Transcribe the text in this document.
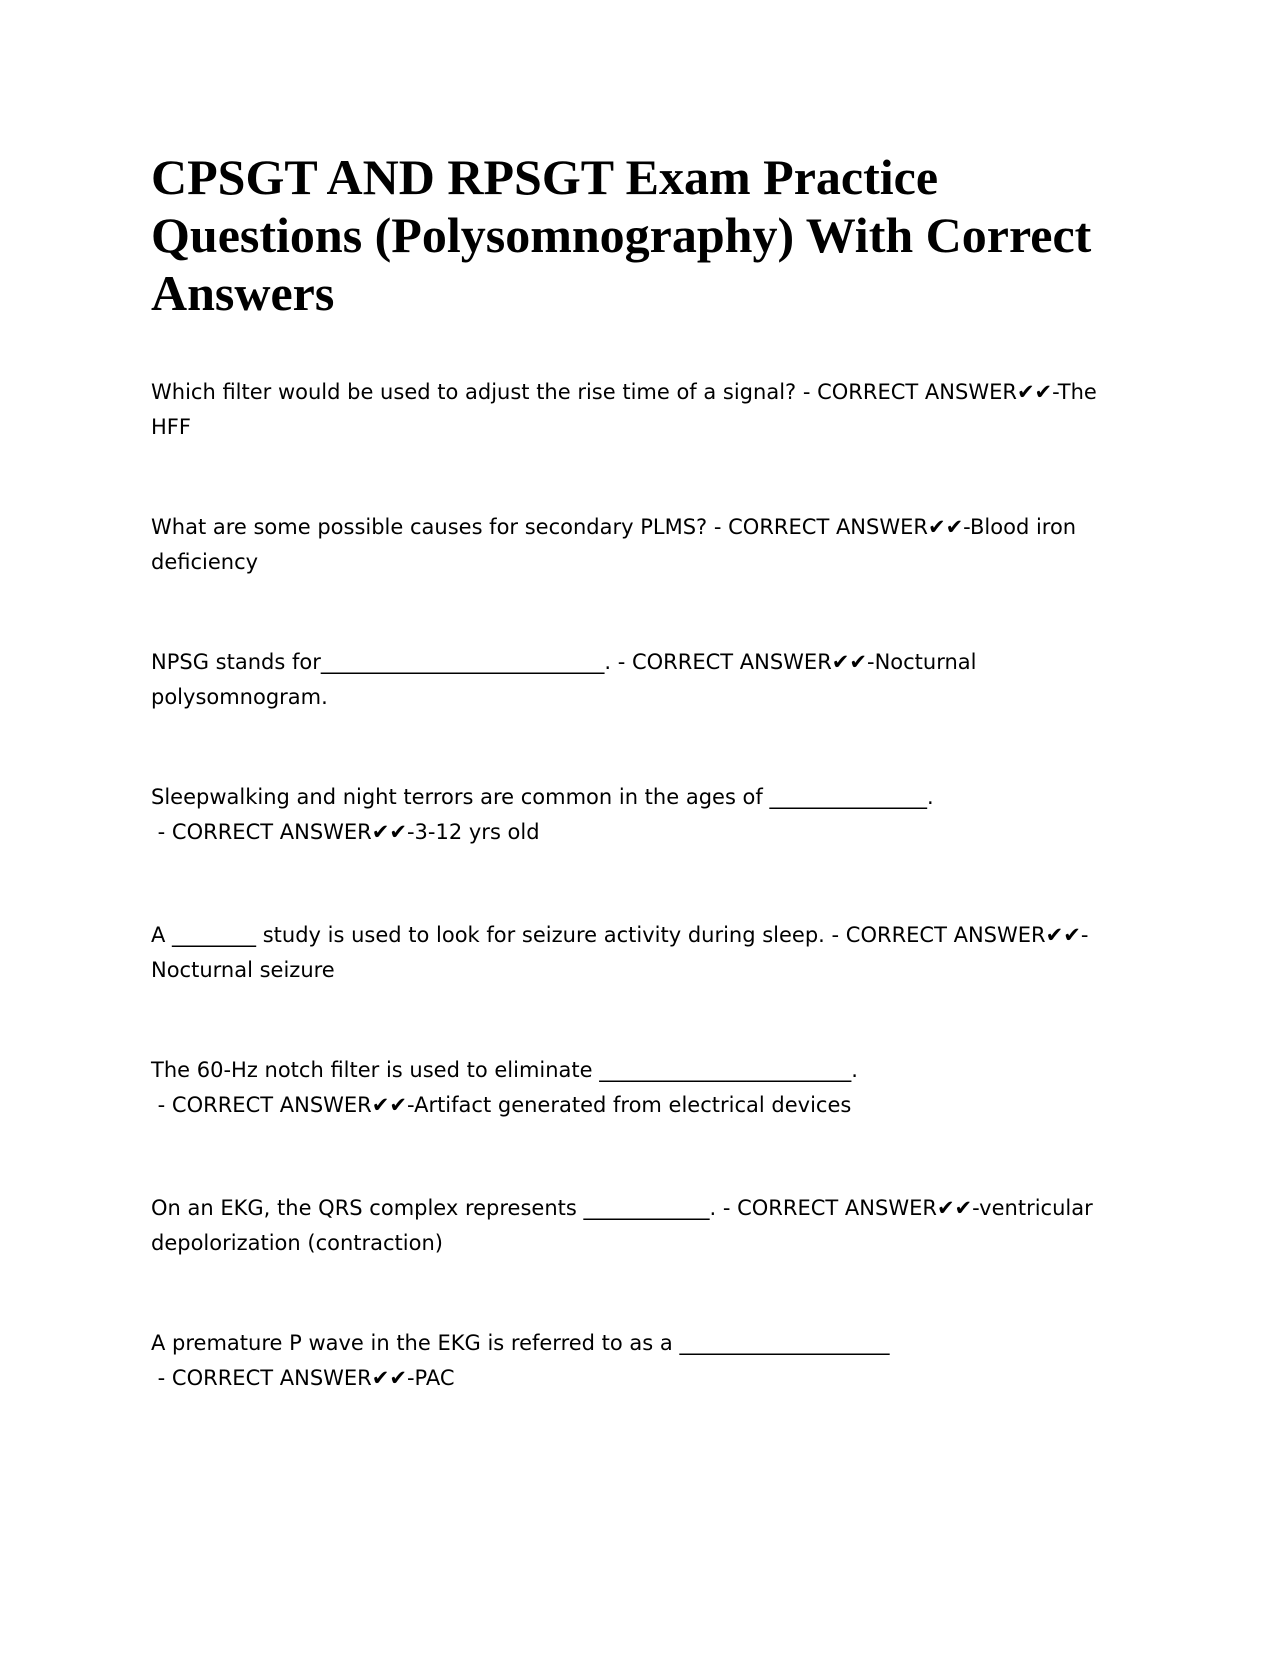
CPSGT AND RPSGT Exam Practice Questions (Polysomnography) With Correct Answers

Which filter would be used to adjust the rise time of a signal? - CORRECT ANSWER✔✔-The HFF

What are some possible causes for secondary PLMS? - CORRECT ANSWER✔✔-Blood iron deficiency

NPSG stands for___________________________. - CORRECT ANSWER✔✔-Nocturnal polysomnogram.

Sleepwalking and night terrors are common in the ages of _______________. - CORRECT ANSWER✔✔-3-12 yrs old

A ________ study is used to look for seizure activity during sleep. - CORRECT ANSWER✔✔-Nocturnal seizure

The 60-Hz notch filter is used to eliminate ________________________. - CORRECT ANSWER✔✔-Artifact generated from electrical devices

On an EKG, the QRS complex represents ____________. - CORRECT ANSWER✔✔-ventricular depolorization (contraction)

A premature P wave in the EKG is referred to as a ____________________ - CORRECT ANSWER✔✔-PAC
